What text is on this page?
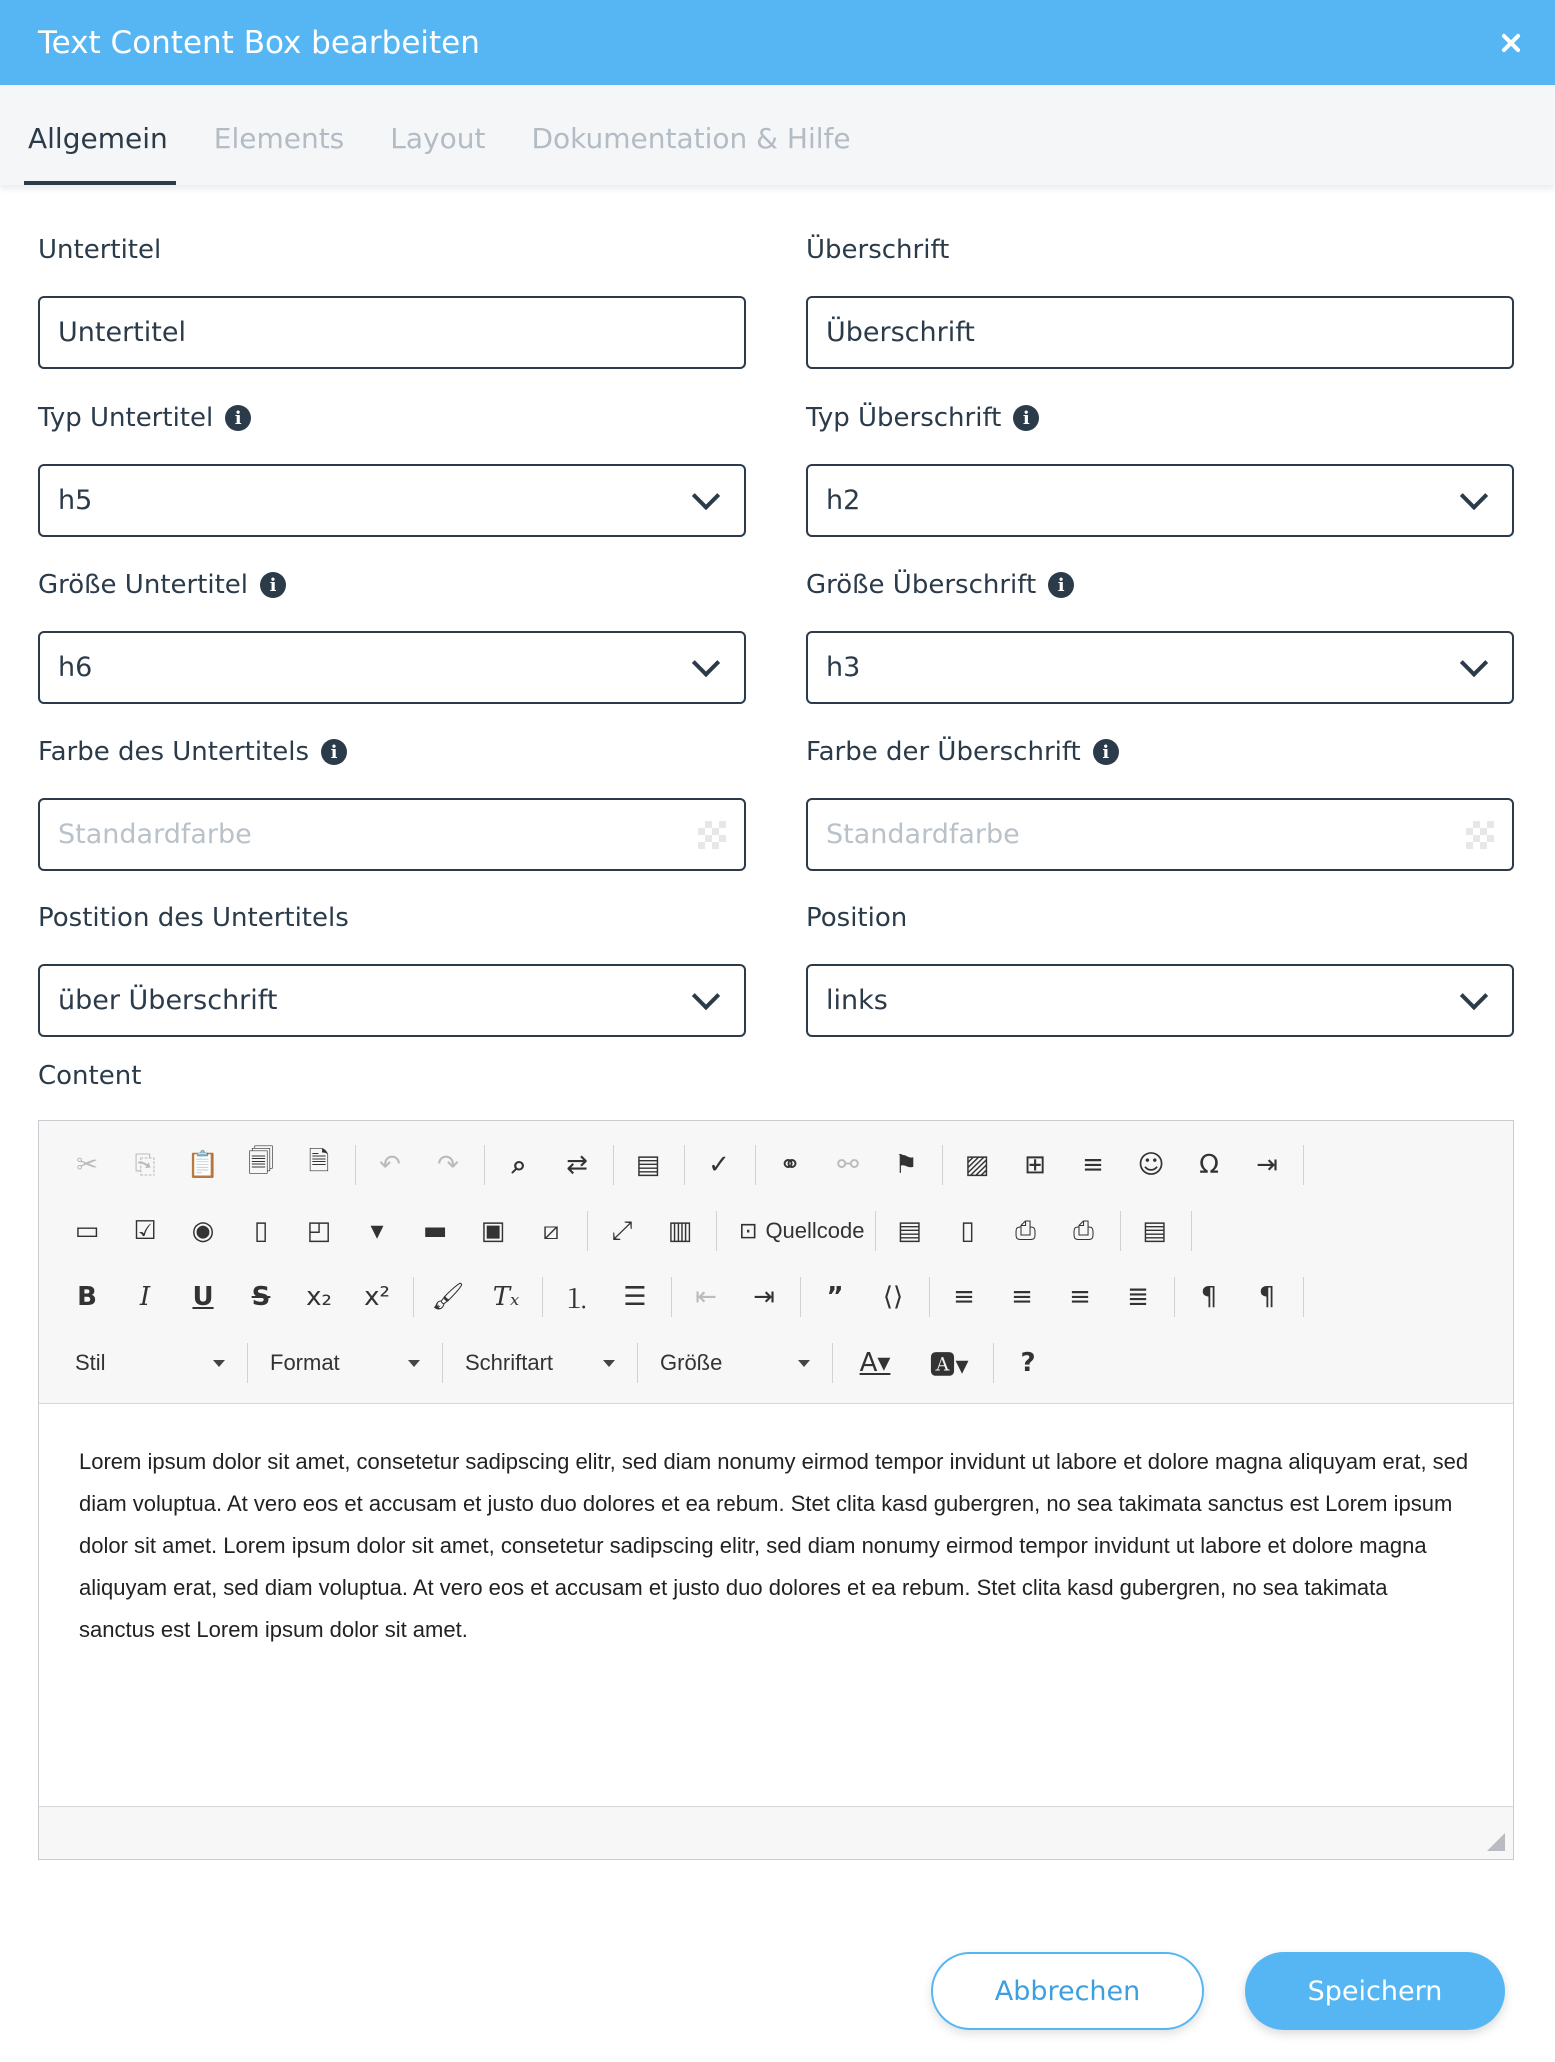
Text Content Box bearbeiten
Allgemein Elements Layout Dokumentation & Hilfe
Untertitel
Untertitel
Typ Untertitel	i
h5
Größe Untertitel	i
h6
Farbe des Untertitels	i
Standardfarbe
Postition des Untertitels
über Überschrift
Überschrift
Überschrift
Typ Überschrift	i
h2
Größe Überschrift	i
h3
Farbe der Überschrift	i
Standardfarbe
Position
links
Content
✂	⎘	📋	🗐	🗎	↶	↷	⌕	⇄	▤	✓	⚭	⚯	⚑	▨	⊞	≡	☺	Ω	⇥
▭	☑	◉	▯	◰	▾	▬	▣	⧄	⤢	▥	⊡ Quellcode	▤	▯	⎙	⎙	▤
B	I	U	S	x₂	x²	🖌	Tₓ	⒈	☰	⇤	⇥	”	⟨⟩	≡	≡	≡	≣	¶	¶
Stil	Format	Schriftart	Größe	A▾	🅰▾	?
Lorem ipsum dolor sit amet, consetetur sadipscing elitr, sed diam nonumy eirmod tempor invidunt ut labore et dolore magna aliquyam erat, sed diam voluptua. At vero eos et accusam et justo duo dolores et ea rebum. Stet clita kasd gubergren, no sea takimata sanctus est Lorem ipsum dolor sit amet. Lorem ipsum dolor sit amet, consetetur sadipscing elitr, sed diam nonumy eirmod tempor invidunt ut labore et dolore magna aliquyam erat, sed diam voluptua. At vero eos et accusam et justo duo dolores et ea rebum. Stet clita kasd gubergren, no sea takimata sanctus est Lorem ipsum dolor sit amet.
Abbrechen	Speichern
